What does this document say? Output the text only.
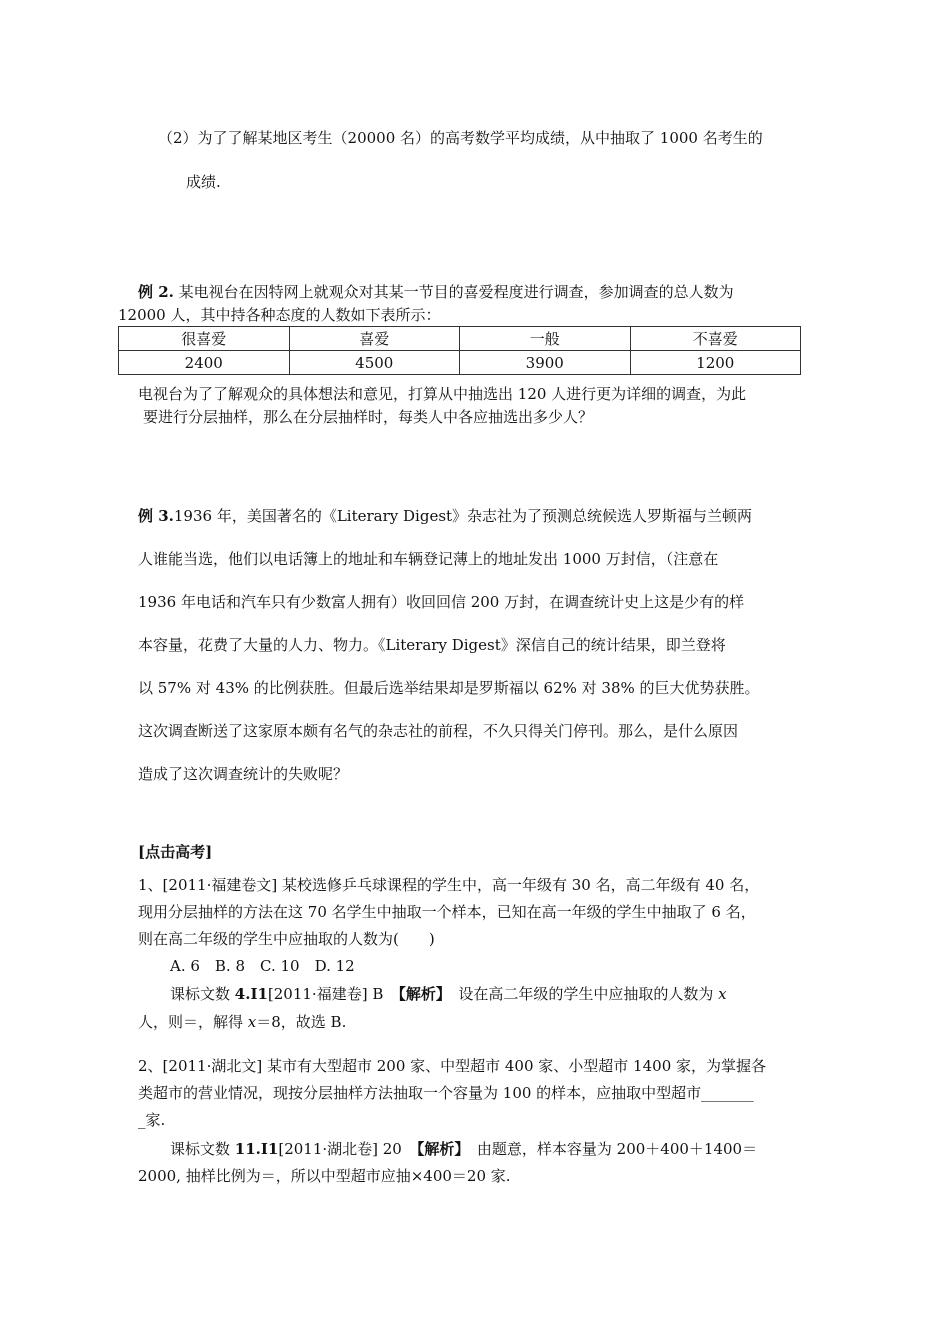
（2）为了了解某地区考生（20000 名）的高考数学平均成绩，从中抽取了 1000 名考生的
成绩.
例 2. 某电视台在因特网上就观众对其某一节目的喜爱程度进行调查，参加调查的总人数为
12000 人，其中持各种态度的人数如下表所示：
很喜爱	喜爱	一般	不喜爱
2400	4500	3900	1200
电视台为了了解观众的具体想法和意见，打算从中抽选出 120 人进行更为详细的调查，为此
要进行分层抽样，那么在分层抽样时，每类人中各应抽选出多少人？
例 3.1936 年，美国著名的《Literary Digest》杂志社为了预测总统候选人罗斯福与兰顿两
人谁能当选，他们以电话簿上的地址和车辆登记薄上的地址发出 1000 万封信，（注意在
1936 年电话和汽车只有少数富人拥有）收回回信 200 万封，在调查统计史上这是少有的样
本容量，花费了大量的人力、物力。《Literary Digest》深信自己的统计结果，即兰登将
以 57% 对 43% 的比例获胜。但最后选举结果却是罗斯福以 62% 对 38% 的巨大优势获胜。
这次调查断送了这家原本颇有名气的杂志社的前程，不久只得关门停刊。那么，是什么原因
造成了这次调查统计的失败呢？
[点击高考]
1、[2011·福建卷文] 某校选修乒乓球课程的学生中，高一年级有 30 名，高二年级有 40 名，
现用分层抽样的方法在这 70 名学生中抽取一个样本，已知在高一年级的学生中抽取了 6 名，
则在高二年级的学生中应抽取的人数为(　　)
A. 6　B. 8　C. 10　D. 12
课标文数 4.I1[2011·福建卷] B　【解析】　设在高二年级的学生中应抽取的人数为 x
人，则＝，解得 x＝8，故选 B.
2、[2011·湖北文] 某市有大型超市 200 家、中型超市 400 家、小型超市 1400 家，为掌握各
类超市的营业情况，现按分层抽样方法抽取一个容量为 100 的样本，应抽取中型超市_______
_家.
课标文数 11.I1[2011·湖北卷] 20　【解析】　由题意，样本容量为 200＋400＋1400＝
2000, 抽样比例为＝，所以中型超市应抽×400＝20 家.
